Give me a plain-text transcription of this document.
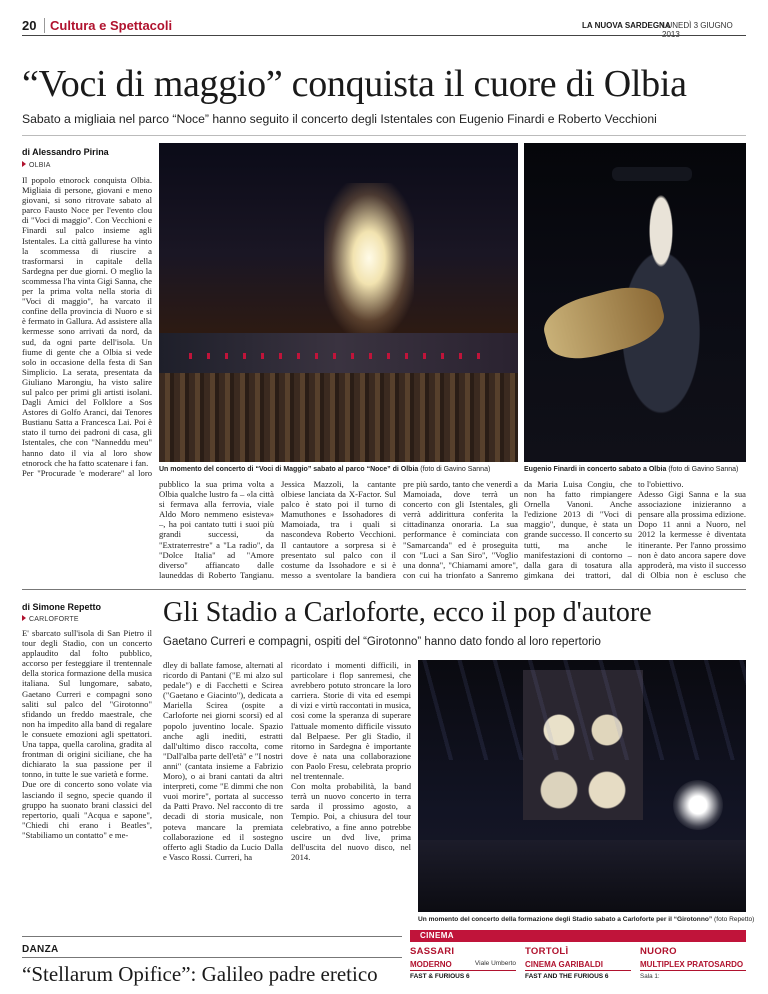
20 Cultura e Spettacoli	LA NUOVA SARDEGNA
LUNEDÌ 3 GIUGNO
“Voci di maggio” conquista il cuore di Olbia
Sabato a migliaia nel parco “Noce” hanno seguito il concerto degli Istentales con Eugenio Finardi e Roberto Vecchioni
di Alessandro Pirina
OLBIA

Il popolo etnorock conquista Olbia. Migliaia di persone, giovani e meno giovani, si sono ritrovate sabato al parco Fausto Noce per l'evento clou di "Voci di maggio". Con Vecchioni e Finardi sul palco insieme agli Istentales. La città gallurese ha vinto la scommessa di riuscire a trasformarsi in capitale della Sardegna per due giorni. O meglio la scommessa l'ha vinta Gigi Sanna, che per la prima volta nella storia di "Voci di maggio", ha varcato il confine della provincia di Nuoro e si è fermato in Gallura. Ad assistere alla kermesse sono arrivati da nord, da sud, da ogni parte dell'isola. Un fiume di gente che a Olbia si vede solo in occasione della festa di San Simplicio. La serata, presentata da Giuliano Marongiu, ha visto salire sul palco per primi gli artisti isolani. Dagli Amici del Folklore a Sos Astores di Golfo Aranci, dai Tenores Bustianu Satta a Francesca Lai. Poi è stato il turno dei padroni di casa, gli Istentales, che con "Nanneddu meu" hanno dato il via al loro show etnorock che ha fatto scatenare i fan.
Per "Procurade 'e moderare" al loro Un momento del concerto di “Voci di Maggio” sabato al parco “Noce” di Olbia (foto di Gavino Sanna)	Eugenio Finardi in concerto sabato a Olbia (foto di Gavino Sanna)

pubblico la sua prima volta a Olbia qualche lustro fa – «la città si fermava alla ferrovia, viale Aldo Moro nemmeno esisteva» –, ha poi cantato tutti i suoi più grandi successi, da "Extraterrestre" a "La radio", da "Dolce Italia" ad "Amore diverso" affiancato dalle launeddas di Roberto Tangianu.

Jessica Mazzoli, la cantante olbiese lanciata da X-Factor. Sul palco è stato poi il turno di Mamuthones e Issohadores di Mamoiada, tra i quali si nascondeva Roberto Vecchioni. Il cantautore a sorpresa si è presentato sul palco con il costume da Issohadore e si è messo a sventolare la bandiera

pre più sardo, tanto che venerdì a Mamoiada, dove terrà un concerto con gli Istentales, gli verrà addirittura conferita la cittadinanza onoraria. La sua performance è cominciata con "Samarcanda" ed è proseguita con "Luci a San Siro", "Voglio una donna", "Chiamami amore", con cui ha trionfato a Sanremo

da Maria Luisa Congiu, che non ha fatto rimpiangere Ornella Vanoni. Anche l'edizione 2013 di "Voci di maggio", dunque, è stata un grande successo. Il concerto su tutti, ma anche le manifestazioni di contorno – dalla gara di tosatura alla gimkana dei trattori, dal

to l'obiettivo.
Adesso Gigi Sanna e la sua associazione inizieranno a pensare alla prossima edizione. Dopo 11 anni a Nuoro, nel 2012 la kermesse è diventata itinerante. Per l'anno prossimo non è dato ancora sapere dove approderà, ma visto il successo di Olbia non è escluso che

di Simone Repetto
CARLOFORTE

E' sbarcato sull'isola di San Pietro il tour degli Stadio, con un concerto applaudito dal folto pubblico, accorso per festeggiare il trentennale della storica formazione della musica italiana. Sul lungomare, sabato, Gaetano Curreri e compagni sono saliti sul palco del "Girotonno" sfidando un freddo maestrale, che non ha impedito alla band di regalare le consuete emozioni agli spettatori. Una tappa, quella carolina, gradita al frontman di origini siciliane, che ha dichiarato la sua passione per il tonno, in tutte le sue varietà e forme.
Due ore di concerto sono volate via lasciando il segno, specie quando il gruppo ha suonato brani classici del repertorio, quali "Acqua e sapone", "Chiedi chi erano i Beatles", "Stabiliamo un contatto" e me-

Gli Stadio a Carloforte, ecco il pop d'autore
Gaetano Curreri e compagni, ospiti del “Girotonno” hanno dato fondo al loro repertorio

dley di ballate famose, alternati al ricordo di Pantani ("E mi alzo sul pedale") e di Facchetti e Scirea ("Gaetano e Giacinto"), dedicata a Mariella Scirea (ospite a Carloforte nei giorni scorsi) ed al popolo juventino locale. Spazio anche agli inediti, estratti dall'ultimo disco raccolta, come "Dall'alba parte dell'età" e "I nostri anni" (cantata insieme a Fabrizio Moro), o ai brani cantati da altri interpreti, come "E dimmi che non vuoi morire", portata al successo da Patti Pravo. Nel racconto di tre decadi di storia musicale, non poteva mancare la premiata collaborazione ed il sostegno offerto agli Stadio da Lucio Dalla e Vasco Rossi. Curreri, ha

ricordato i momenti difficili, in particolare i flop sanremesi, che avrebbero potuto stroncare la loro carriera. Storie di vita ed esempi di vizi e virtù raccontati in musica, così come la speranza di superare l'attuale momento difficile vissuto dal Belpaese. Per gli Stadio, il ritorno in Sardegna è importante dove è nata una collaborazione con Paolo Fresu, celebrata proprio nel trentennale.
Con molta probabilità, la band terrà un nuovo concerto in terra sarda il prossimo agosto, a Tempio. Poi, a chiusura del tour celebrativo, a fine anno potrebbe uscire un dvd live, prima dell'uscita del nuovo disco, nel 2014.

Un momento del concerto della formazione degli Stadio sabato a Carloforte per il “Girotonno” (foto Repetto)
CINEMA
DANZA
“Stellarum Opifice”: Galileo padre eretico
SASSARI
Viale Umberto
MODERNO
FAST & FURIOUS 6
TORTOLÌ
CINEMA GARIBALDI
FAST AND THE FURIOUS 6
NUORO
MULTIPLEX PRATOSARDO
Sala 1:
